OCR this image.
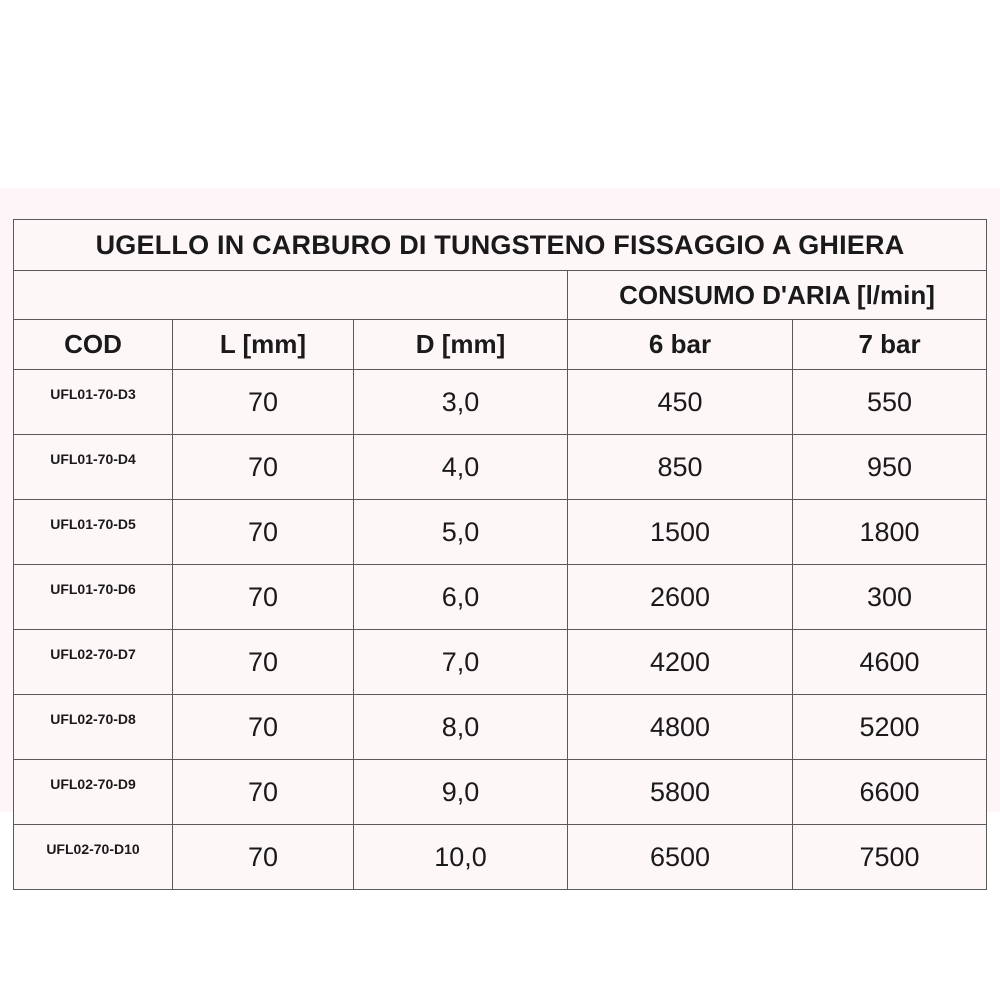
UGELLO IN CARBURO DI TUNGSTENO FISSAGGIO A GHIERA				
			CONSUMO D'ARIA [l/min]	
COD	L [mm]	D [mm]	6 bar	7 bar
UFL01-70-D3	70	3,0	450	550
UFL01-70-D4	70	4,0	850	950
UFL01-70-D5	70	5,0	1500	1800
UFL01-70-D6	70	6,0	2600	300
UFL02-70-D7	70	7,0	4200	4600
UFL02-70-D8	70	8,0	4800	5200
UFL02-70-D9	70	9,0	5800	6600
UFL02-70-D10	70	10,0	6500	7500
